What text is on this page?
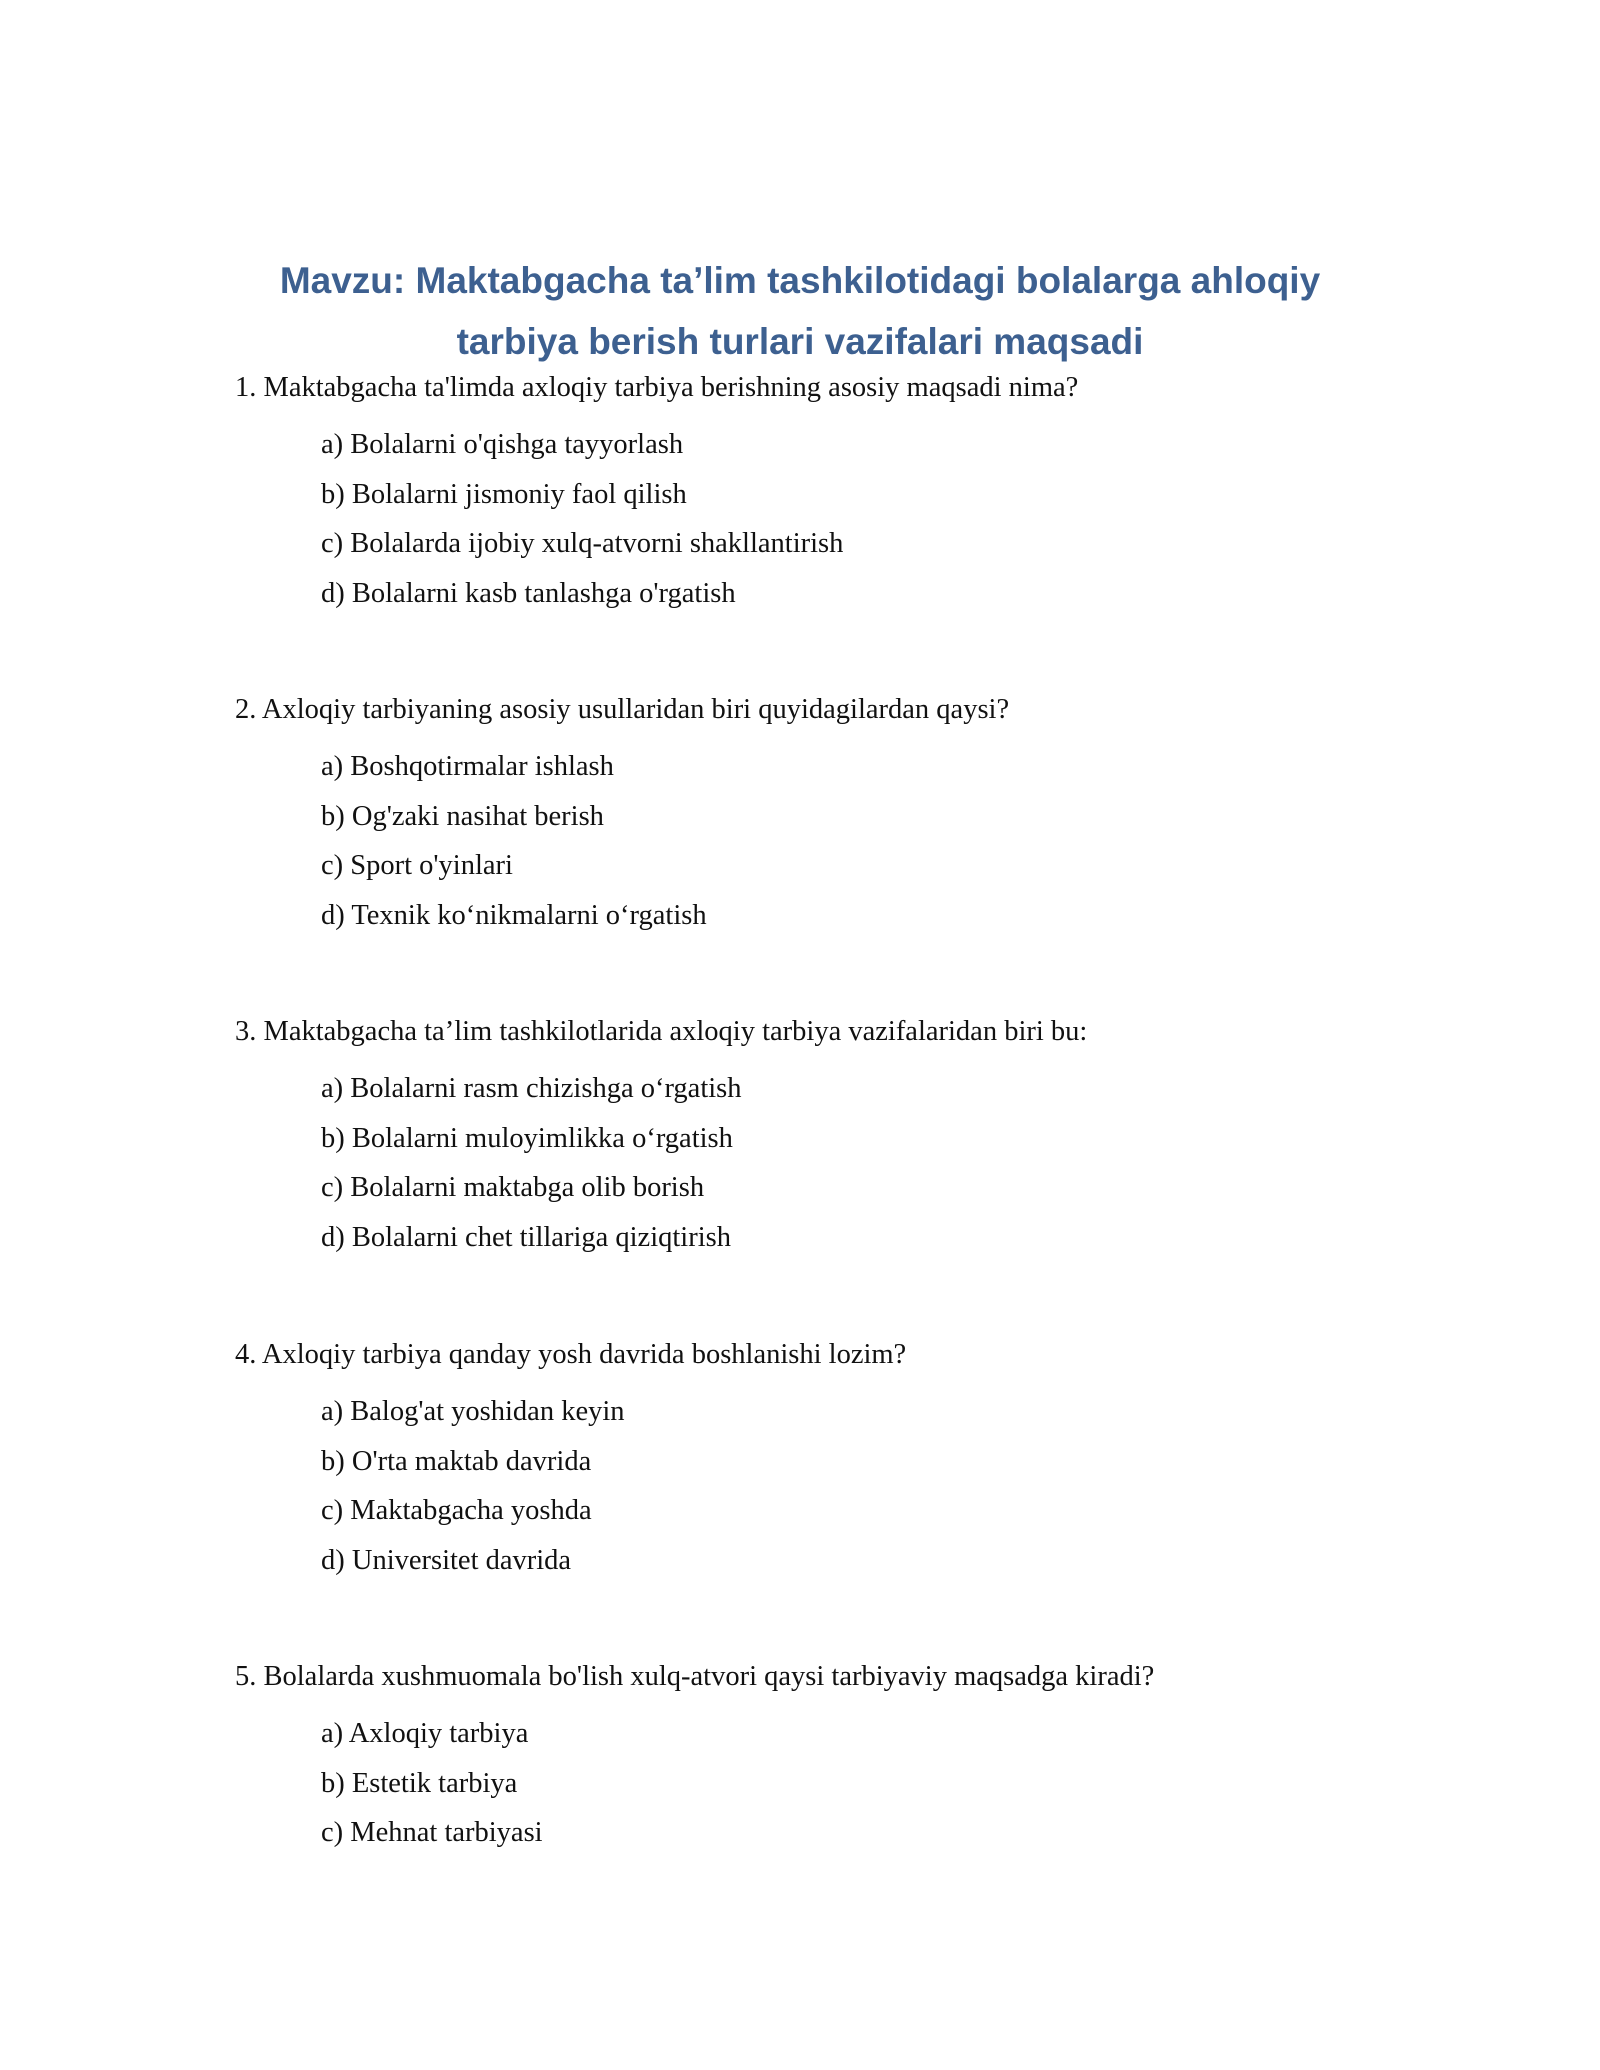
Mavzu: Maktabgacha ta’lim tashkilotidagi bolalarga ahloqiy
tarbiya berish turlari vazifalari maqsadi
1. Maktabgacha ta'limda axloqiy tarbiya berishning asosiy maqsadi nima?
a) Bolalarni o'qishga tayyorlash
b) Bolalarni jismoniy faol qilish
c) Bolalarda ijobiy xulq-atvorni shakllantirish
d) Bolalarni kasb tanlashga o'rgatish
2. Axloqiy tarbiyaning asosiy usullaridan biri quyidagilardan qaysi?
a) Boshqotirmalar ishlash
b) Og'zaki nasihat berish
c) Sport o'yinlari
d) Texnik ko‘nikmalarni o‘rgatish
3. Maktabgacha ta’lim tashkilotlarida axloqiy tarbiya vazifalaridan biri bu:
a) Bolalarni rasm chizishga o‘rgatish
b) Bolalarni muloyimlikka o‘rgatish
c) Bolalarni maktabga olib borish
d) Bolalarni chet tillariga qiziqtirish
4. Axloqiy tarbiya qanday yosh davrida boshlanishi lozim?
a) Balog'at yoshidan keyin
b) O'rta maktab davrida
c) Maktabgacha yoshda
d) Universitet davrida
5. Bolalarda xushmuomala bo'lish xulq-atvori qaysi tarbiyaviy maqsadga kiradi?
a) Axloqiy tarbiya
b) Estetik tarbiya
c) Mehnat tarbiyasi
